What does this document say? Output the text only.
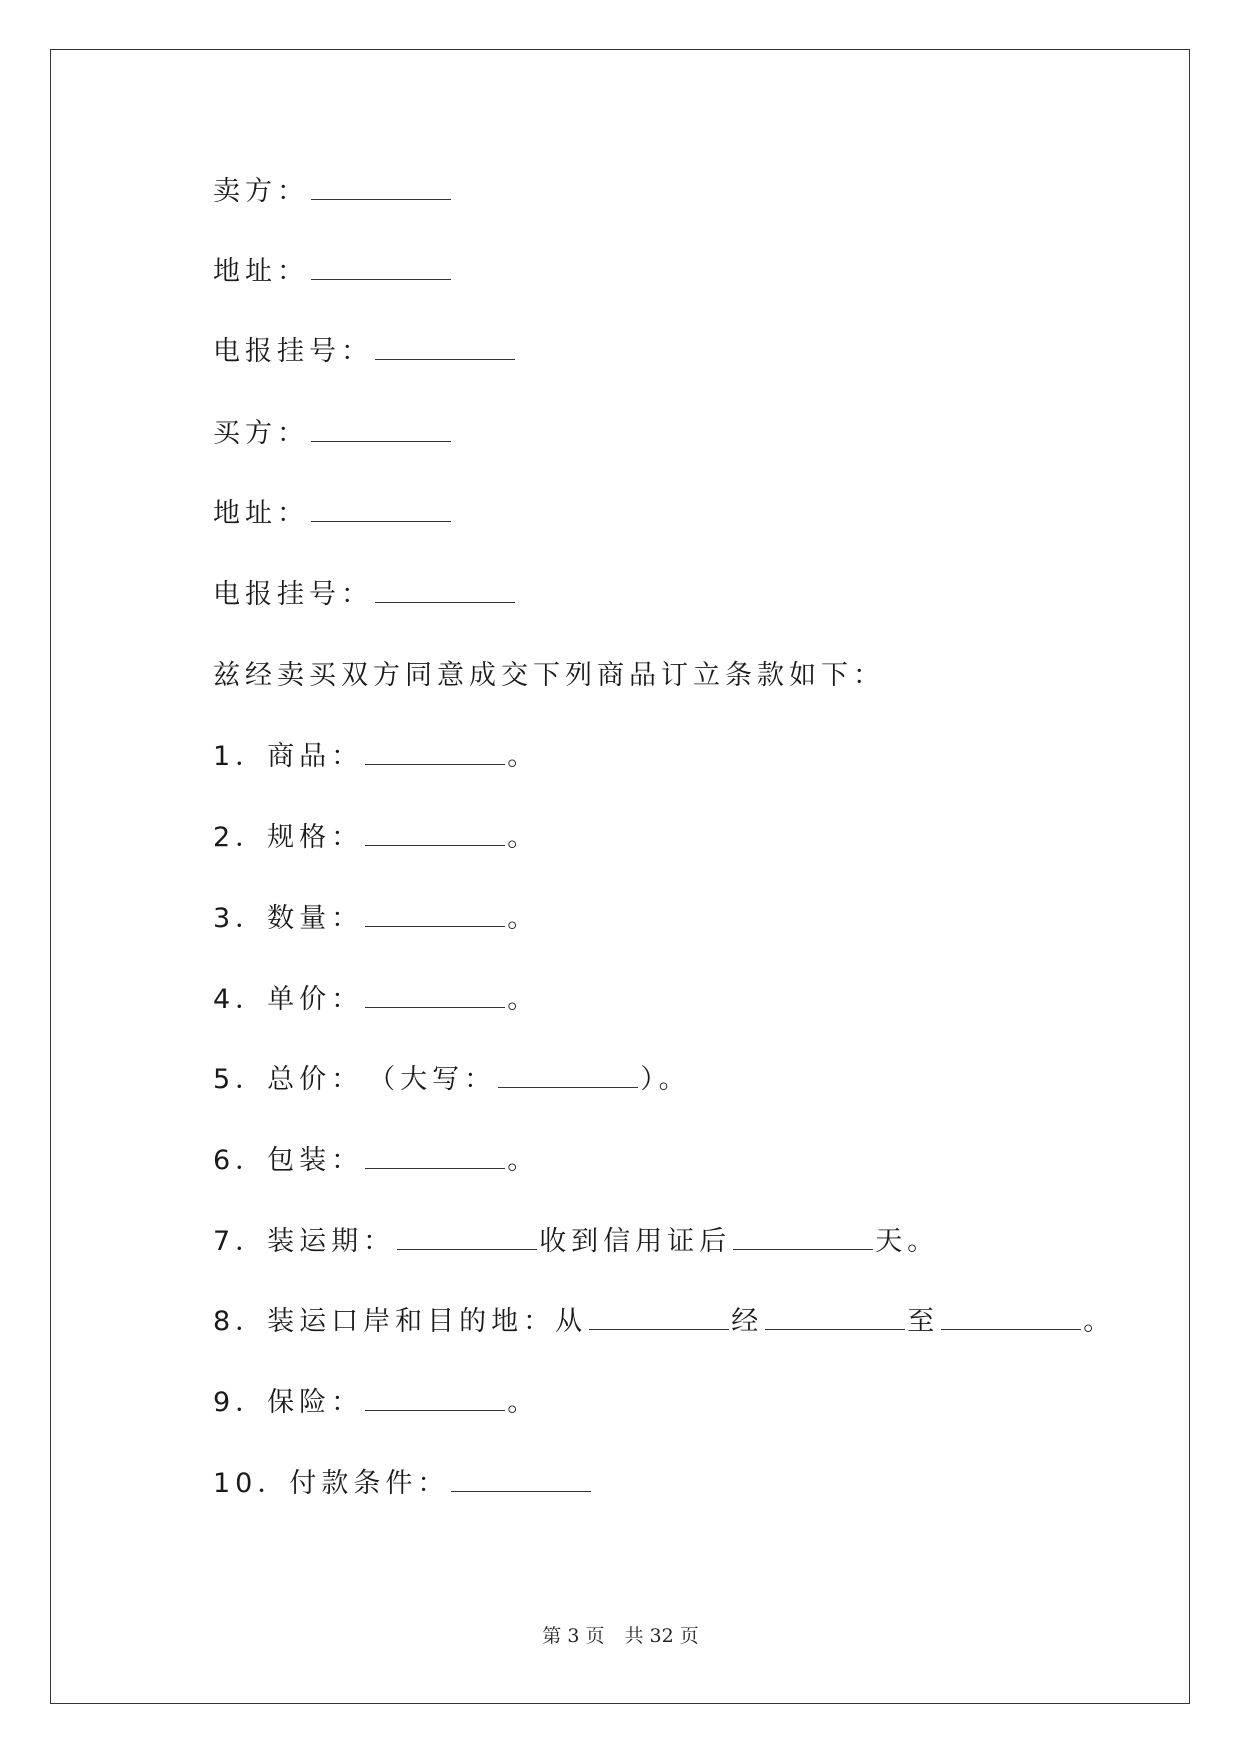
卖方：
地址：
电报挂号：
买方：
地址：
电报挂号：
兹经卖买双方同意成交下列商品订立条款如下：
1．商品：	。
2．规格：	。
3．数量：	。
4．单价：	。
5．总价：　（大写：	）。
6．包装：	。
7．装运期：	收到信用证后	天。
8．装运口岸和目的地：从	经	至	。
9．保险：	。
10．付款条件：
第 3 页 共 32 页
